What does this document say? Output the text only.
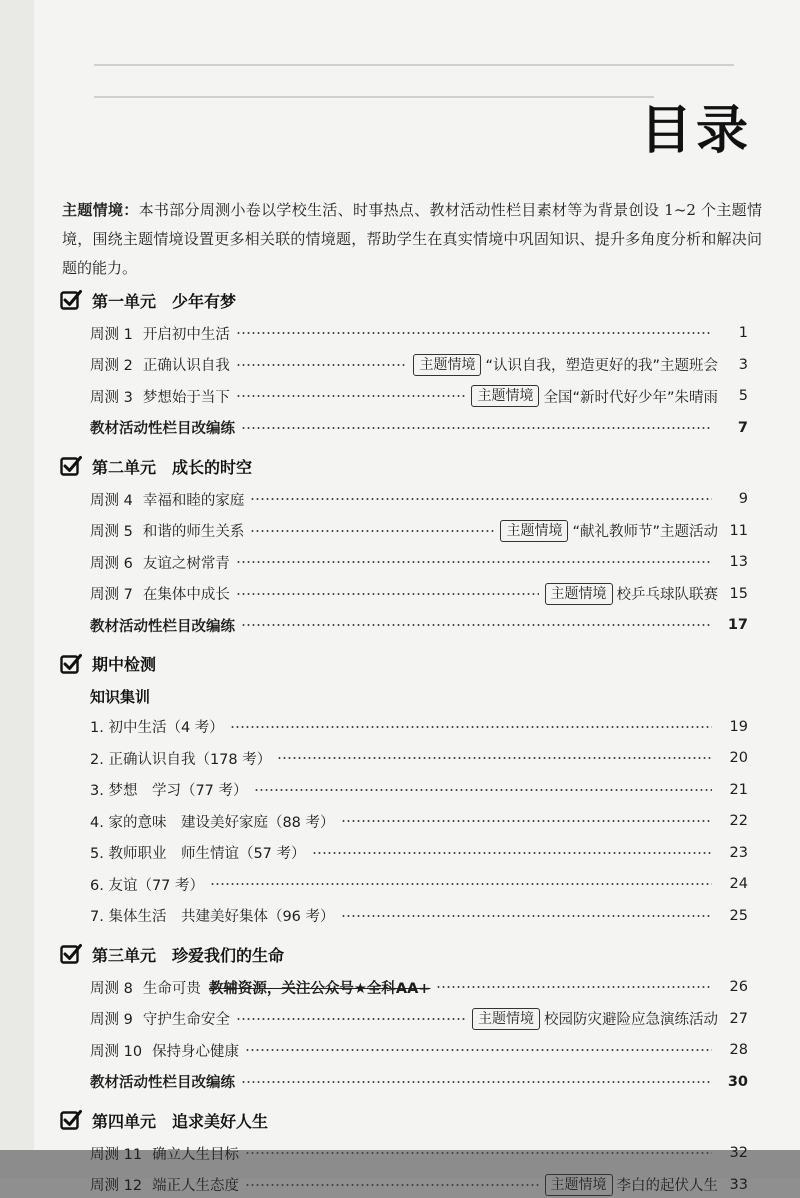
目录
主题情境：本书部分周测小卷以学校生活、时事热点、教材活动性栏目素材等为背景创设 1~2 个主题情境，围绕主题情境设置更多相关联的情境题，帮助学生在真实情境中巩固知识、提升多角度分析和解决问题的能力。
第一单元　少年有梦
周测 1 开启初中生活	1
周测 2 正确认识自我	主题情境 “认识自我，塑造更好的我”主题班会	3
周测 3 梦想始于当下	主题情境 全国“新时代好少年”朱晴雨	5
教材活动性栏目改编练	7
第二单元　成长的时空
周测 4 幸福和睦的家庭	9
周测 5 和谐的师生关系	主题情境 “献礼教师节”主题活动 11
周测 6 友谊之树常青	13
周测 7 在集体中成长	主题情境 校乒乓球队联赛 15
教材活动性栏目改编练	17
期中检测
知识集训
1. 初中生活（4 考）	19
2. 正确认识自我（178 考）	20
3. 梦想　学习（77 考）	21
4. 家的意味　建设美好家庭（88 考）	22
5. 教师职业　师生情谊（57 考）	23
6. 友谊（77 考）	24
7. 集体生活　共建美好集体（96 考）	25
第三单元　珍爱我们的生命
周测 8 生命可贵 教辅资源，关注公众号★全科AA+	26
周测 9 守护生命安全	主题情境 校园防灾避险应急演练活动 27
周测 10 保持身心健康	28
教材活动性栏目改编练	30
第四单元　追求美好人生
周测 11 确立人生目标	32
周测 12 端正人生态度	主题情境 李白的起伏人生 33
